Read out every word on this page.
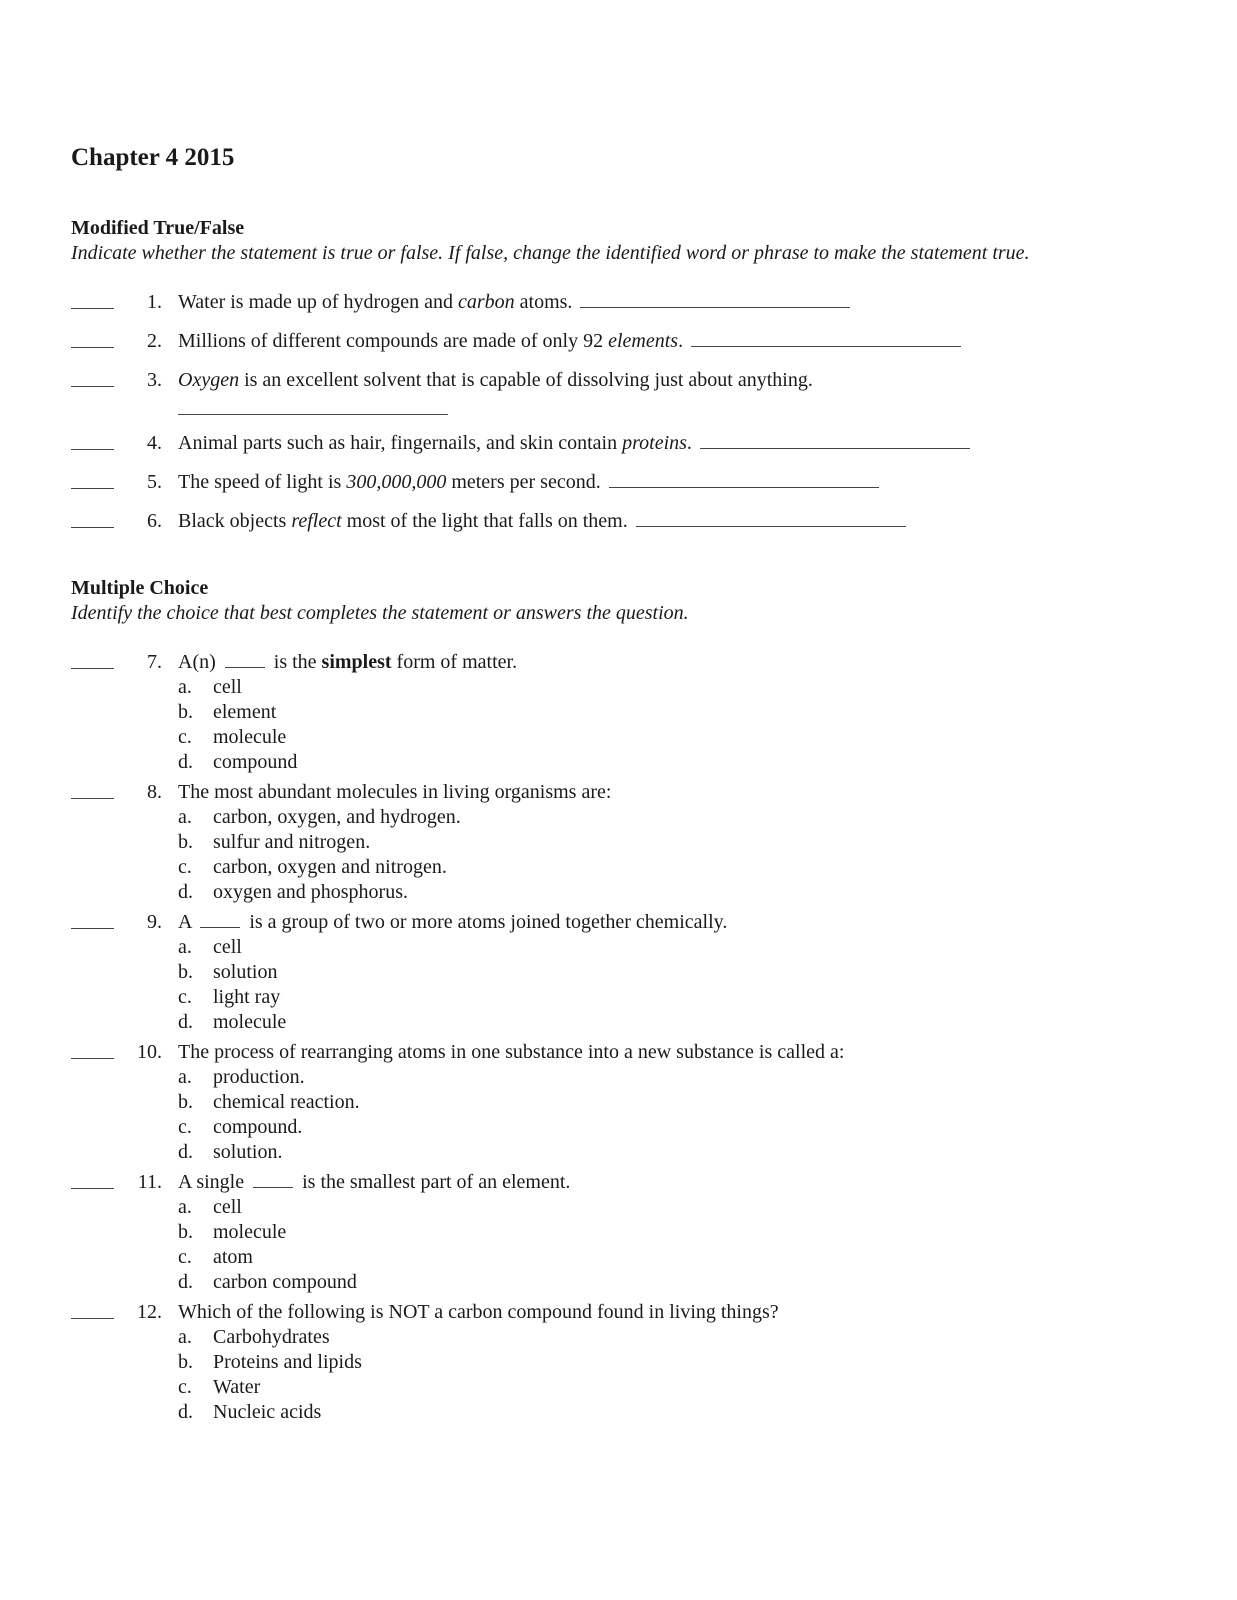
Chapter 4 2015
Modified True/False
Indicate whether the statement is true or false. If false, change the identified word or phrase to make the statement true.
1. Water is made up of hydrogen and carbon atoms.
2. Millions of different compounds are made of only 92 elements.
3. Oxygen is an excellent solvent that is capable of dissolving just about anything.
4. Animal parts such as hair, fingernails, and skin contain proteins.
5. The speed of light is 300,000,000 meters per second.
6. Black objects reflect most of the light that falls on them.
Multiple Choice
Identify the choice that best completes the statement or answers the question.
7. A(n)  is the simplest form of matter.
a. cell
b. element
c. molecule
d. compound
8. The most abundant molecules in living organisms are:
a. carbon, oxygen, and hydrogen.
b. sulfur and nitrogen.
c. carbon, oxygen and nitrogen.
d. oxygen and phosphorus.
9. A  is a group of two or more atoms joined together chemically.
a. cell
b. solution
c. light ray
d. molecule
10. The process of rearranging atoms in one substance into a new substance is called a:
a. production.
b. chemical reaction.
c. compound.
d. solution.
11. A single  is the smallest part of an element.
a. cell
b. molecule
c. atom
d. carbon compound
12. Which of the following is NOT a carbon compound found in living things?
a. Carbohydrates
b. Proteins and lipids
c. Water
d. Nucleic acids
